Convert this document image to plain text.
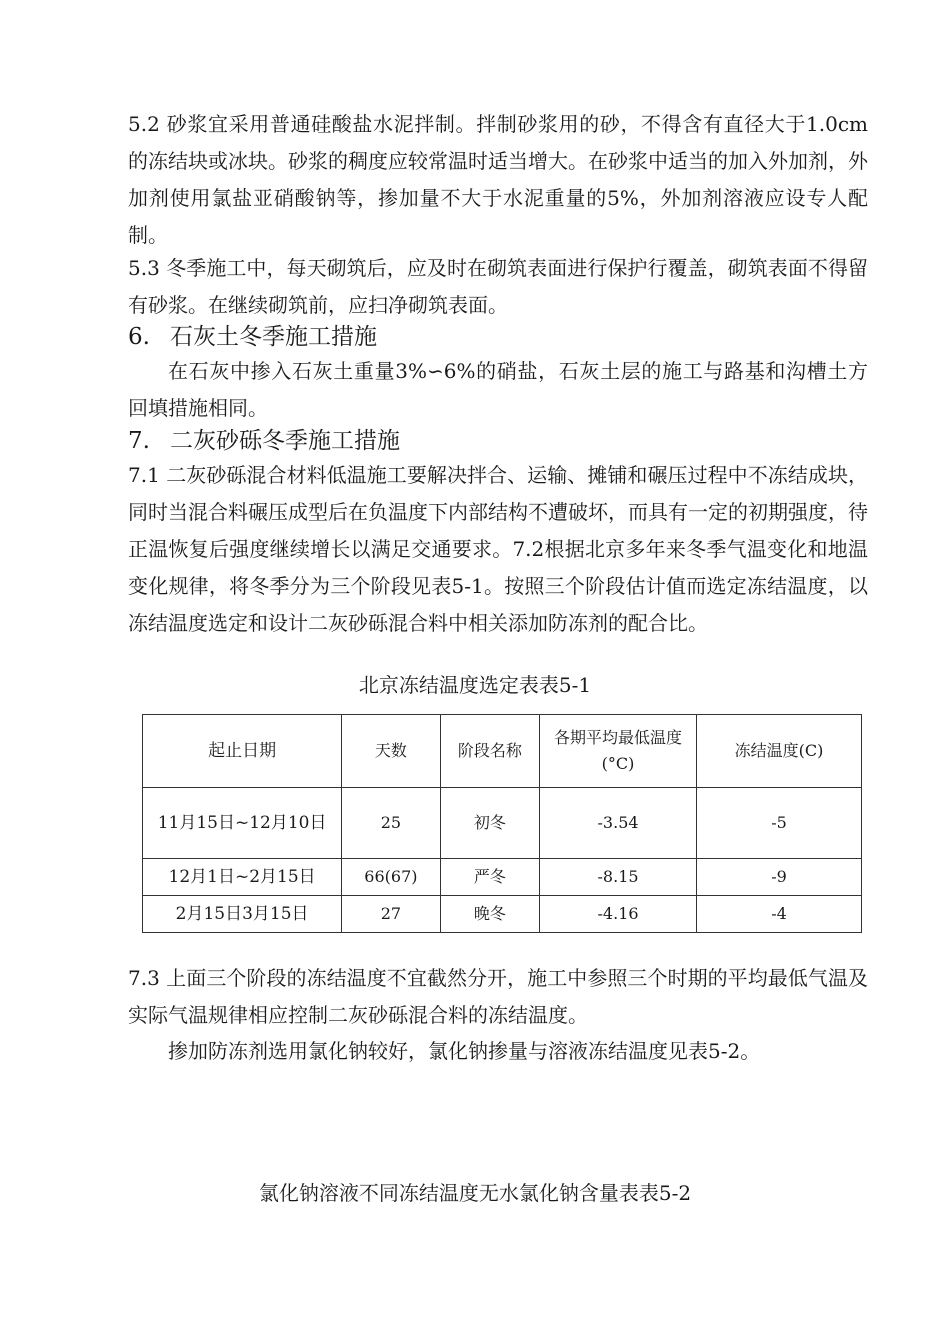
5.2 砂浆宜采用普通硅酸盐水泥拌制。拌制砂浆用的砂，不得含有直径大于1.0cm的冻结块或冰块。砂浆的稠度应较常温时适当增大。在砂浆中适当的加入外加剂，外加剂使用氯盐亚硝酸钠等，掺加量不大于水泥重量的5%，外加剂溶液应设专人配制。

5.3 冬季施工中，每天砌筑后，应及时在砌筑表面进行保护行覆盖，砌筑表面不得留有砂浆。在继续砌筑前，应扫净砌筑表面。

6. 石灰土冬季施工措施

在石灰中掺入石灰土重量3%∽6%的硝盐，石灰土层的施工与路基和沟槽土方回填措施相同。

7. 二灰砂砾冬季施工措施

7.1 二灰砂砾混合材料低温施工要解决拌合、运输、摊铺和碾压过程中不冻结成块，同时当混合料碾压成型后在负温度下内部结构不遭破坏，而具有一定的初期强度，待正温恢复后强度继续增长以满足交通要求。7.2根据北京多年来冬季气温变化和地温变化规律，将冬季分为三个阶段见表5-1。按照三个阶段估计值而选定冻结温度，以冻结温度选定和设计二灰砂砾混合料中相关添加防冻剂的配合比。

北京冻结温度选定表表5-1
起止日期	天数	阶段名称	各期平均最低温度(°C)	冻结温度(C)
11月15日~12月10日	25	初冬	-3.54	-5
12月1日~2月15日	66(67)	严冬	-8.15	-9
2月15日3月15日	27	晚冬	-4.16	-4

7.3 上面三个阶段的冻结温度不宜截然分开，施工中参照三个时期的平均最低气温及实际气温规律相应控制二灰砂砾混合料的冻结温度。

掺加防冻剂选用氯化钠较好，氯化钠掺量与溶液冻结温度见表5-2。

氯化钠溶液不同冻结温度无水氯化钠含量表表5-2
